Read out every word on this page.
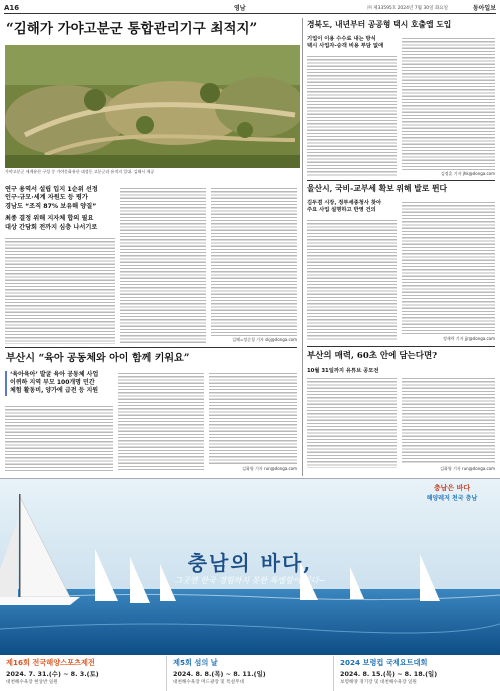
A16	영남	㈜ 제33595호 2024년 7월 30일 화요일	동아일보
“김해가 가야고분군 통합관리기구 최적지”
가야고분군 세계유산 구성 중 가야문화유산 대성동 고분군과 유적지 일대. 김해시 제공
연구 용역서 설립 입지 1순위 선정
인구·규모·세계 자원도 등 평가
경남도 “조직 87% 보유해 양질”
최종 결정 위해 지자체 합의 필요
대상 간담회 전까지 심층 나서기로
김해=정순경 기자 skj@donga.com
부산시 “육아 공동체와 아이 함께 키워요”
‘육아육아’ 발굴 육아 공동체 사업
이퀴하 지역 부모 100개명 민간
체험 활동비, 양가에 급전 등 지원
김화영 기자 run@donga.com
경북도, 내년부터 공공형 택시 호출앱 도입
기업이 이용 수수료 내는 방식
택시 사업자-승객 비용 부담 없애
김정훈 기자 jhk@donga.com
울산시, 국비-교부세 확보 위해 발로 뛴다
김두겸 시장, 정부세종청사 찾아
주요 사업 설명하고 반영 건의
정재락 기자 jjr@donga.com
부산의 매력, 60초 안에 담는다면?
10월 31일까지 유튜브 공모전
김화영 기자 run@donga.com
충남은 바다
해양레저 천국 충남
충남의 바다,
그곳엔 한국 경험하지 못한 특별함이 있다~
제16회 전국해양스포츠제전
2024. 7. 31.(수) ~ 8. 3.(토)
대천해수욕장 현상반 일원
제5회 섬의 날
2024. 8. 8.(목) ~ 8. 11.(일)
대천해수욕장 머드광장 및 특설무대
2024 보령컵 국제요트대회
2024. 8. 15.(목) ~ 8. 18.(일)
보령해양 경기장 및 대천해수욕장 일원
